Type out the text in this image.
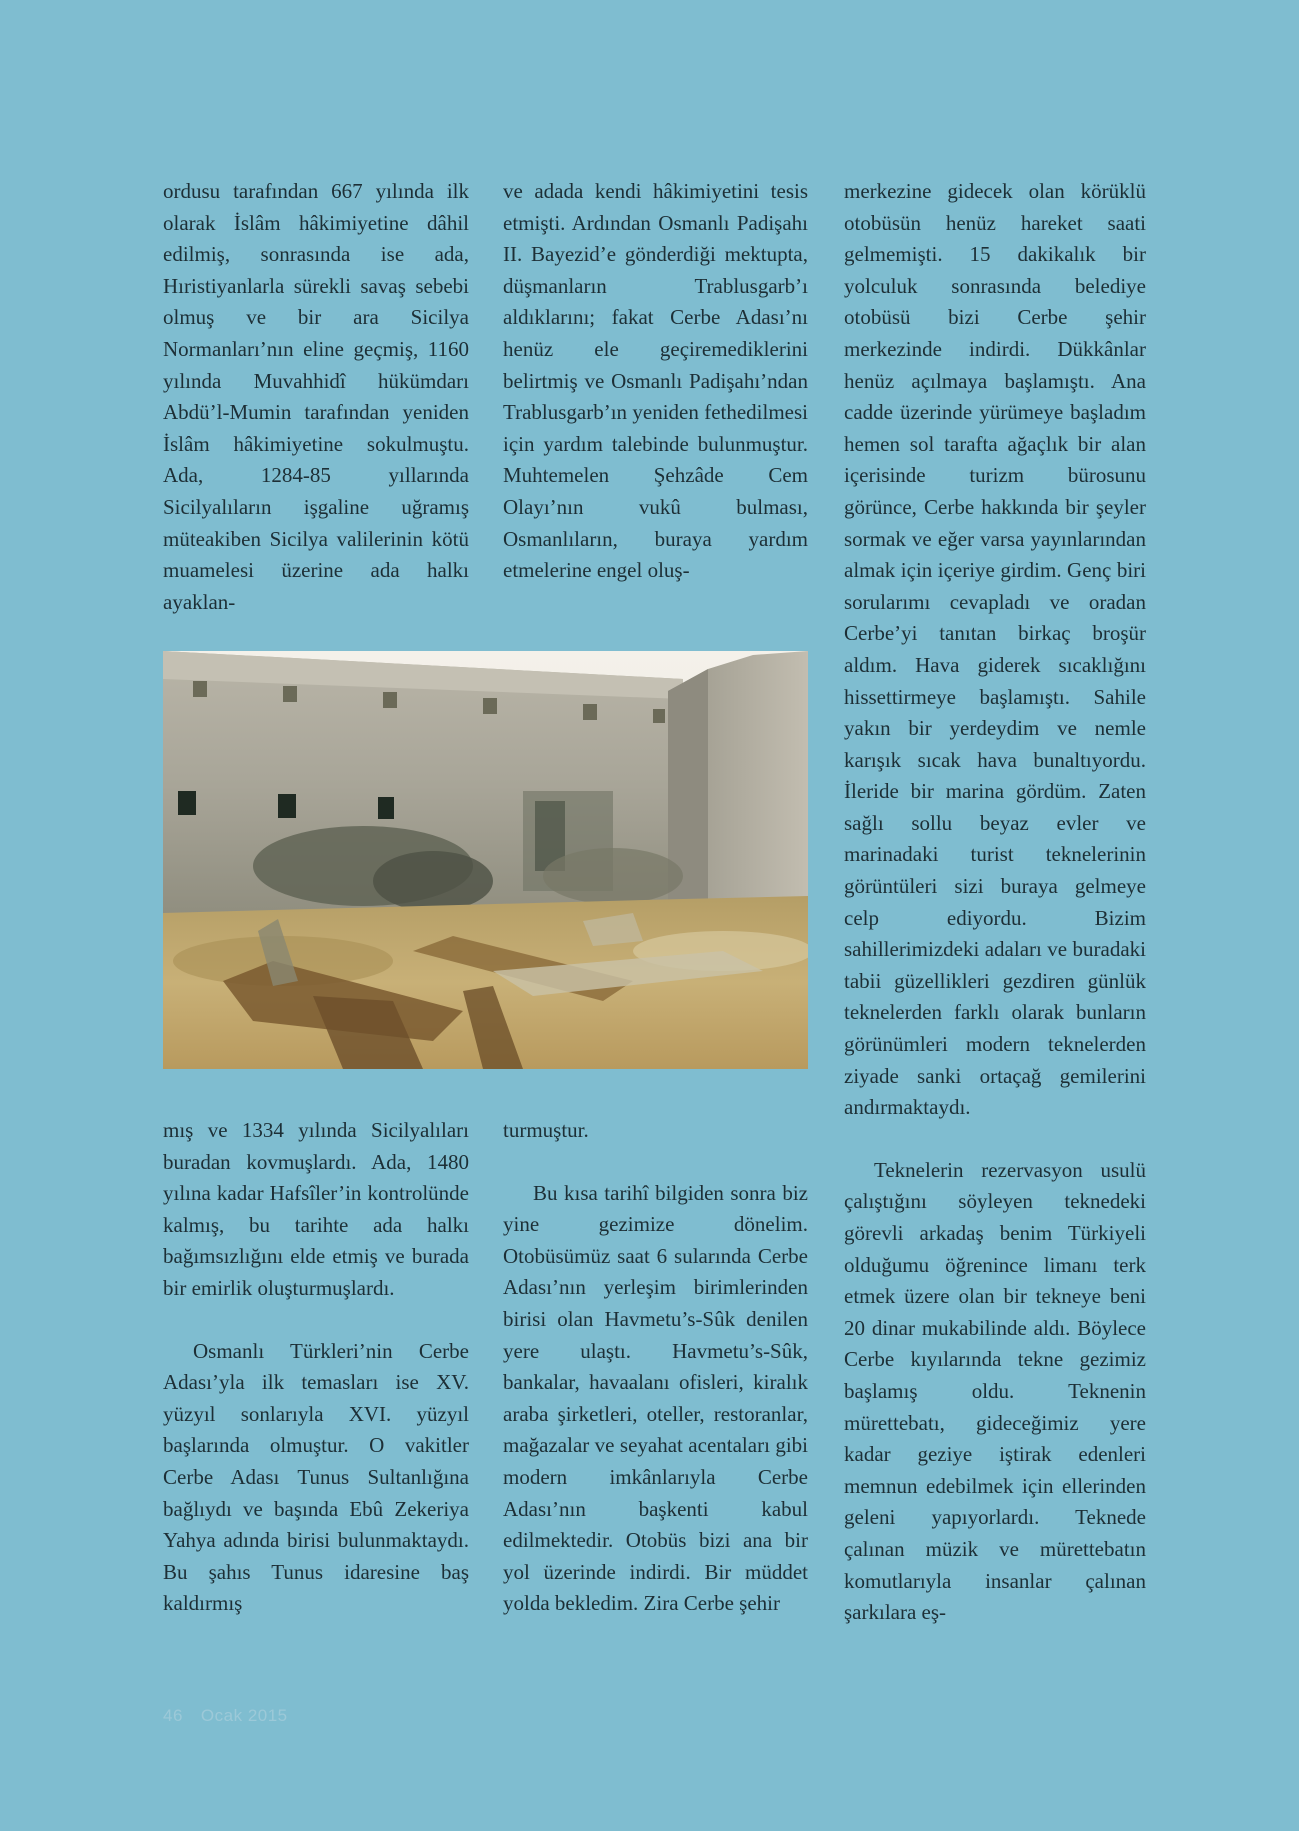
ordusu tarafından 667 yılında ilk olarak İslâm hâkimiyetine dâhil edilmiş, sonrasında ise ada, Hıristiyanlarla sürekli savaş sebebi olmuş ve bir ara Sicilya Normanları’nın eline geçmiş, 1160 yılında Muvahhidî hükümdarı Abdü’l-Mumin tarafından yeniden İslâm hâkimiyetine sokulmuştu. Ada, 1284-85 yıllarında Sicilyalıların işgaline uğramış müteakiben Sicilya valilerinin kötü muamelesi üzerine ada halkı ayaklan-

ve adada kendi hâkimiyetini tesis etmişti. Ardından Osmanlı Padişahı II. Bayezid’e gönderdiği mektupta, düşmanların Trablusgarb’ı aldıklarını; fakat Cerbe Adası’nı henüz ele geçiremediklerini belirtmiş ve Osmanlı Padişahı’ndan Trablusgarb’ın yeniden fethedilmesi için yardım talebinde bulunmuştur. Muhtemelen Şehzâde Cem Olayı’nın vukû bulması, Osmanlıların, buraya yardım etmelerine engel oluş-

mış ve 1334 yılında Sicilyalıları buradan kovmuşlardı. Ada, 1480 yılına kadar Hafsîler’in kontrolünde kalmış, bu tarihte ada halkı bağımsızlığını elde etmiş ve burada bir emirlik oluşturmuşlardı.

Osmanlı Türkleri’nin Cerbe Adası’yla ilk temasları ise XV. yüzyıl sonlarıyla XVI. yüzyıl başlarında olmuştur. O vakitler Cerbe Adası Tunus Sultanlığına bağlıydı ve başında Ebû Zekeriya Yahya adında birisi bulunmaktaydı. Bu şahıs Tunus idaresine baş kaldırmış

turmuştur.

Bu kısa tarihî bilgiden sonra biz yine gezimize dönelim. Otobüsümüz saat 6 sularında Cerbe Adası’nın yerleşim birimlerinden birisi olan Havmetu’s-Sûk denilen yere ulaştı. Havmetu’s-Sûk, bankalar, havaalanı ofisleri, kiralık araba şirketleri, oteller, restoranlar, mağazalar ve seyahat acentaları gibi modern imkânlarıyla Cerbe Adası’nın başkenti kabul edilmektedir. Otobüs bizi ana bir yol üzerinde indirdi. Bir müddet yolda bekledim. Zira Cerbe şehir

merkezine gidecek olan körüklü otobüsün henüz hareket saati gelmemişti. 15 dakikalık bir yolculuk sonrasında belediye otobüsü bizi Cerbe şehir merkezinde indirdi. Dükkânlar henüz açılmaya başlamıştı. Ana cadde üzerinde yürümeye başladım hemen sol tarafta ağaçlık bir alan içerisinde turizm bürosunu görünce, Cerbe hakkında bir şeyler sormak ve eğer varsa yayınlarından almak için içeriye girdim. Genç biri sorularımı cevapladı ve oradan Cerbe’yi tanıtan birkaç broşür aldım. Hava giderek sıcaklığını hissettirmeye başlamıştı. Sahile yakın bir yerdeydim ve nemle karışık sıcak hava bunaltıyordu. İleride bir marina gördüm. Zaten sağlı sollu beyaz evler ve marinadaki turist teknelerinin görüntüleri sizi buraya gelmeye celp ediyordu. Bizim sahillerimizdeki adaları ve buradaki tabii güzellikleri gezdiren günlük teknelerden farklı olarak bunların görünümleri modern teknelerden ziyade sanki ortaçağ gemilerini andırmaktaydı.

Teknelerin rezervasyon usulü çalıştığını söyleyen teknedeki görevli arkadaş benim Türkiyeli olduğumu öğrenince limanı terk etmek üzere olan bir tekneye beni 20 dinar mukabilinde aldı. Böylece Cerbe kıyılarında tekne gezimiz başlamış oldu. Teknenin mürettebatı, gideceğimiz yere kadar geziye iştirak edenleri memnun edebilmek için ellerinden geleni yapıyorlardı. Teknede çalınan müzik ve mürettebatın komutlarıyla insanlar çalınan şarkılara eş-

46 Ocak 2015
